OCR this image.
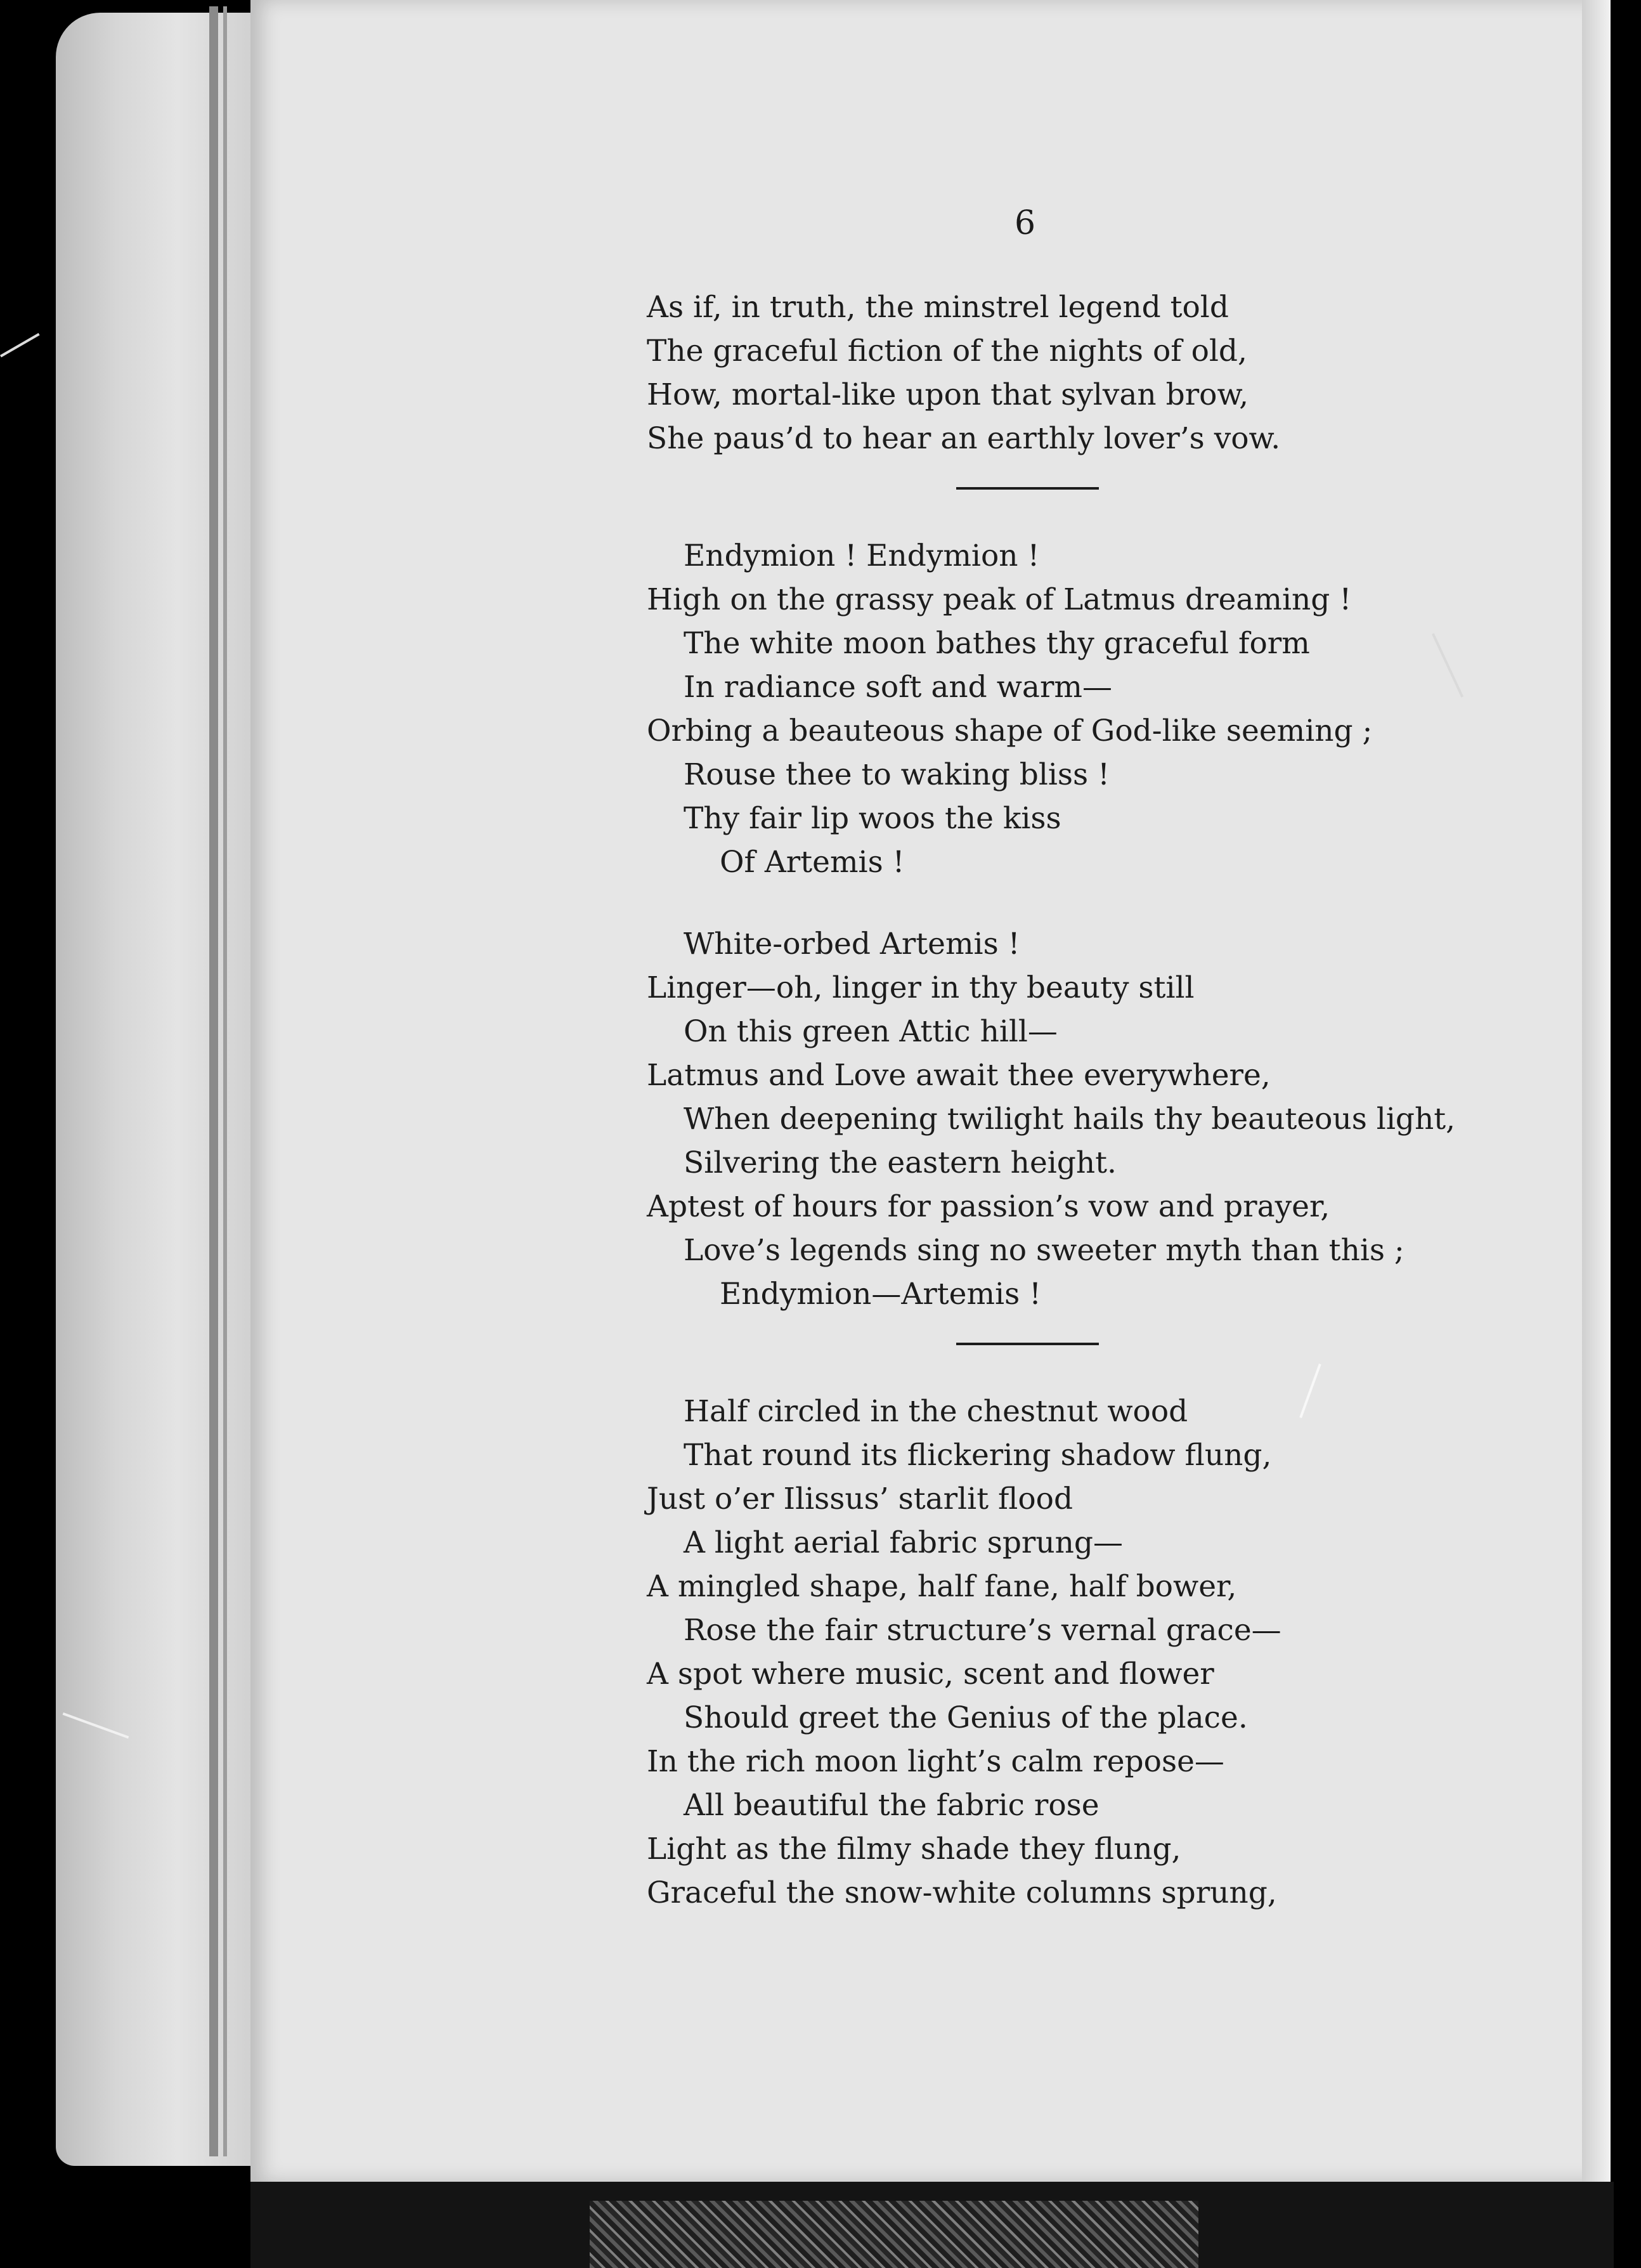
6
As if, in truth, the minstrel legend told
The graceful fiction of the nights of old,
How, mortal-like upon that sylvan brow,
She paus’d to hear an earthly lover’s vow.
Endymion ! Endymion !
High on the grassy peak of Latmus dreaming !
The white moon bathes thy graceful form
In radiance soft and warm—
Orbing a beauteous shape of God-like seeming ;
Rouse thee to waking bliss !
Thy fair lip woos the kiss
Of Artemis !
White-orbed Artemis !
Linger—oh, linger in thy beauty still
On this green Attic hill—
Latmus and Love await thee everywhere,
When deepening twilight hails thy beauteous light,
Silvering the eastern height.
Aptest of hours for passion’s vow and prayer,
Love’s legends sing no sweeter myth than this ;
Endymion—Artemis !
Half circled in the chestnut wood
That round its flickering shadow flung,
Just o’er Ilissus’ starlit flood
A light aerial fabric sprung—
A mingled shape, half fane, half bower,
Rose the fair structure’s vernal grace—
A spot where music, scent and flower
Should greet the Genius of the place.
In the rich moon light’s calm repose—
All beautiful the fabric rose
Light as the filmy shade they flung,
Graceful the snow-white columns sprung,
